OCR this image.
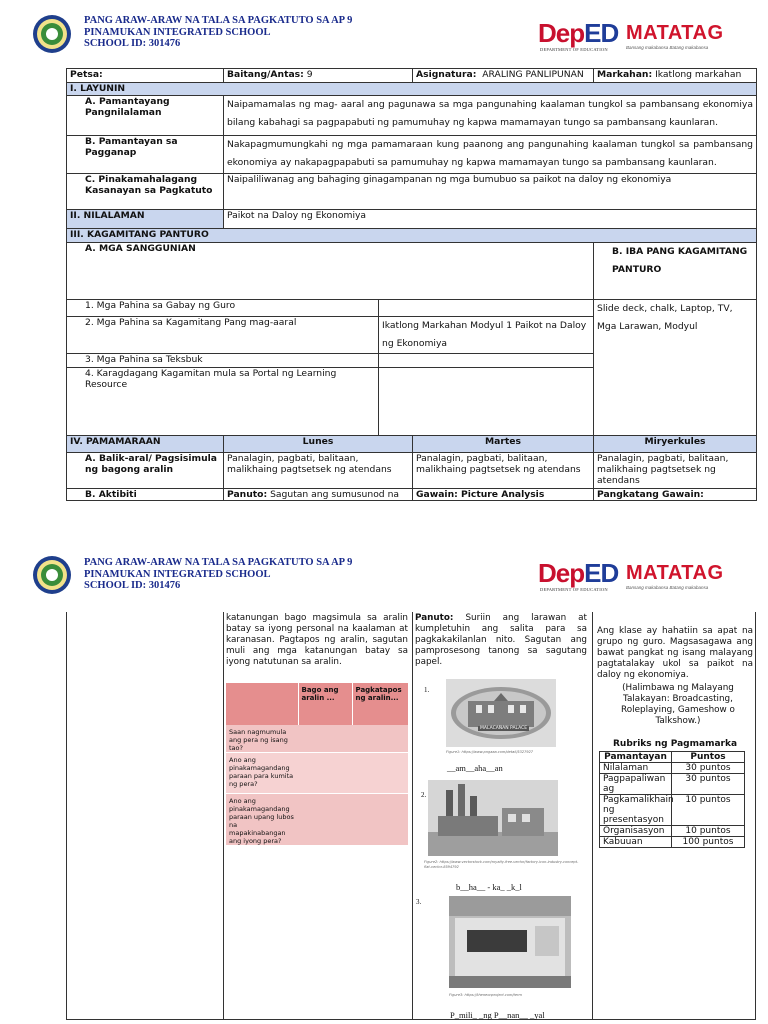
PANG ARAW-ARAW NA TALA SA PAGKATUTO SA AP 9
PINAMUKAN INTEGRATED SCHOOL
SCHOOL ID: 301476	DepED
DEPARTMENT OF EDUCATION
MATATAG
Bansang makabansa Batang makabansa
Petsa:	Baitang/Antas: 9		Asignatura: ARALING PANLIPUNAN	Markahan: Ikatlong markahan
I. LAYUNIN				
A. Pamantayang Pangnilalaman	Naipamamalas ng mag- aaral ang pagunawa sa mga pangunahing kaalaman tungkol sa pambansang ekonomiya bilang kabahagi sa pagpapabuti ng pamumuhay ng kapwa mamamayan tungo sa pambansang kaunlaran.			
B. Pamantayan sa Pagganap	Nakapagmumungkahi ng mga pamamaraan kung paanong ang pangunahing kaalaman tungkol sa pambansang ekonomiya ay nakapagpapabuti sa pamumuhay ng kapwa mamamayan tungo sa pambansang kaunlaran.			
C. Pinakamahalagang Kasanayan sa Pagkatuto	Naipaliliwanag ang bahaging ginagampanan ng mga bumubuo sa paikot na daloy ng ekonomiya			
II. NILALAMAN	Paikot na Daloy ng Ekonomiya			
III. KAGAMITANG PANTURO				
A. MGA SANGGUNIAN				B. IBA PANG KAGAMITANG PANTURO
1. Mga Pahina sa Gabay ng Guro				Slide deck, chalk, Laptop, TV, Mga Larawan, Modyul
2. Mga Pahina sa Kagamitang Pang mag-aaral		Ikatlong Markahan Modyul 1 Paikot na Daloy ng Ekonomiya		
3. Mga Pahina sa Teksbuk				
4. Karagdagang Kagamitan mula sa Portal ng Learning Resource				
IV. PAMAMARAAN	Lunes		Martes	Miryerkules
A. Balik-aral/ Pagsisimula ng bagong aralin	Panalagin, pagbati, balitaan, malikhaing pagtsetsek ng atendans		Panalagin, pagbati, balitaan, malikhaing pagtsetsek ng atendans	Panalagin, pagbati, balitaan, malikhaing pagtsetsek ng atendans
B. Aktibiti	Panuto: Sagutan ang sumusunod na		Gawain: Picture Analysis	Pangkatang Gawain:
PANG ARAW-ARAW NA TALA SA PAGKATUTO SA AP 9
PINAMUKAN INTEGRATED SCHOOL
SCHOOL ID: 301476	DepED
DEPARTMENT OF EDUCATION
MATATAG
Bansang makabansa Batang makabansa
katanungan bago magsimula sa aralin batay sa iyong personal na kaalaman at karanasan. Pagtapos ng aralin, sagutan muli ang mga katanungan batay sa iyong natutunan sa aralin.
	Bago ang aralin ...	Pagkatapos ng aralin...
Saan nagmumula ang pera ng isang tao?		
Ano ang pinakamagandang paraan para kumita ng pera?		
Ano ang pinakamagandang paraan upang lubos na mapakinabangan ang iyong pera?		
Panuto: Suriin ang larawan at kumpletuhin ang salita para sa pagkakakilanlan nito. Sagutan ang pamprosesong tanong sa sagutang papel.
1.
MALACAÑAN PALACE
Figure1: https://www.pngaaa.com/detail/5327927
__am__aha__an
2.
Figure2: https://www.vectorstock.com/royalty-free-vector/factory-icon-industry-concept-flat-vector-8594792
b__ha__ - ka_ _k_l
3.
Figure3: https://theneonproject.com/term
P_mili_ _ng P__nan__ _yal
Ang klase ay hahatiin sa apat na grupo ng guro. Magsasagawa ang bawat pangkat ng isang malayang pagtatalakay ukol sa paikot na daloy ng ekonomiya.
(Halimbawa ng Malayang Talakayan: Broadcasting, Roleplaying, Gameshow o Talkshow.)
Rubriks ng Pagmamarka
Pamantayan	Puntos
Nilalaman	30 puntos
Pagpapaliwanag	30 puntos
Pagkamalikhain ng presentasyon	10 puntos
Organisasyon	10 puntos
Kabuuan	100 puntos
